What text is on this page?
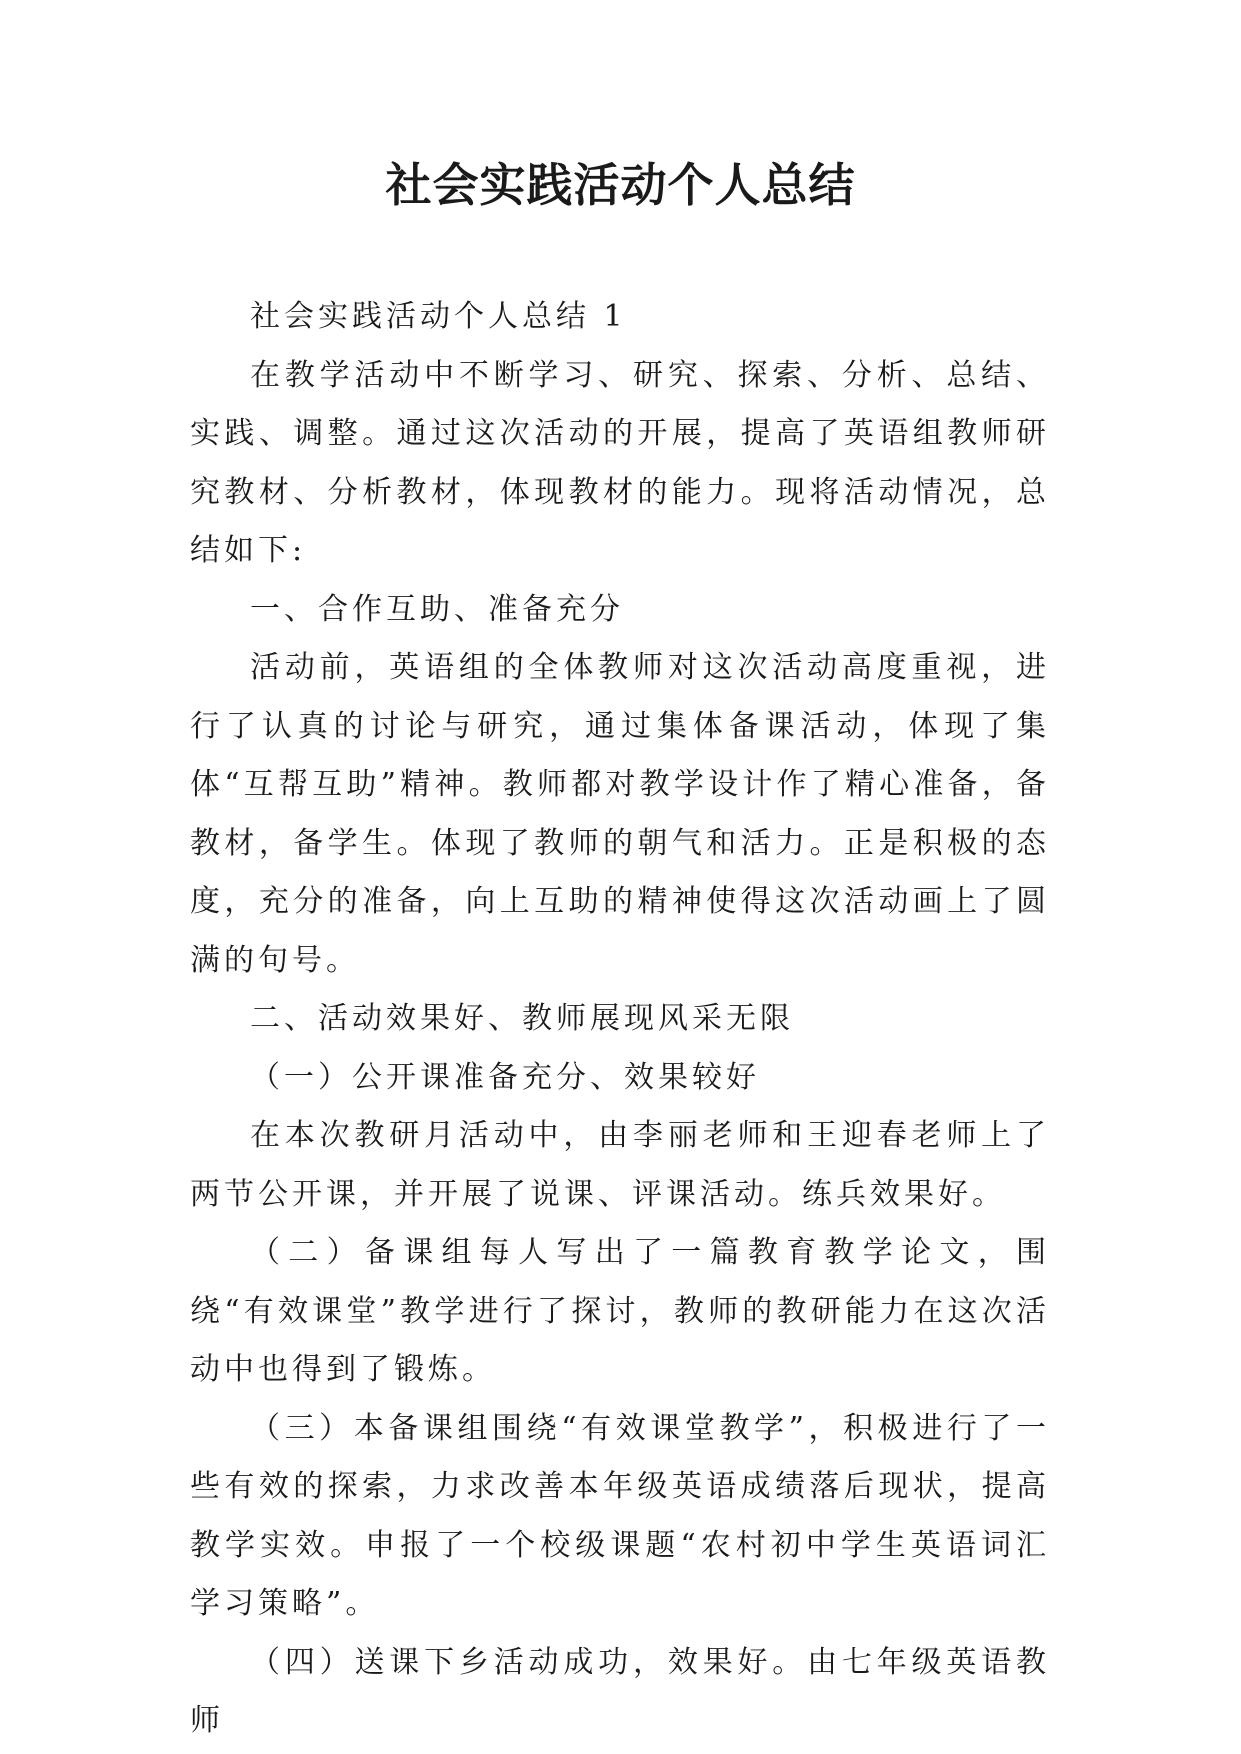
社会实践活动个人总结

社会实践活动个人总结 1

在教学活动中不断学习、研究、探索、分析、总结、实践、调整。通过这次活动的开展，提高了英语组教师研究教材、分析教材，体现教材的能力。现将活动情况，总结如下:

一、合作互助、准备充分

活动前，英语组的全体教师对这次活动高度重视，进行了认真的讨论与研究，通过集体备课活动，体现了集体“互帮互助”精神。教师都对教学设计作了精心准备，备教材，备学生。体现了教师的朝气和活力。正是积极的态度，充分的准备，向上互助的精神使得这次活动画上了圆满的句号。

二、活动效果好、教师展现风采无限

（一）公开课准备充分、效果较好

在本次教研月活动中，由李丽老师和王迎春老师上了两节公开课，并开展了说课、评课活动。练兵效果好。

（二）备课组每人写出了一篇教育教学论文，围绕“有效课堂”教学进行了探讨，教师的教研能力在这次活动中也得到了锻炼。

（三）本备课组围绕“有效课堂教学”，积极进行了一些有效的探索，力求改善本年级英语成绩落后现状，提高教学实效。申报了一个校级课题“农村初中学生英语词汇学习策略”。

（四）送课下乡活动成功，效果好。由七年级英语教师
